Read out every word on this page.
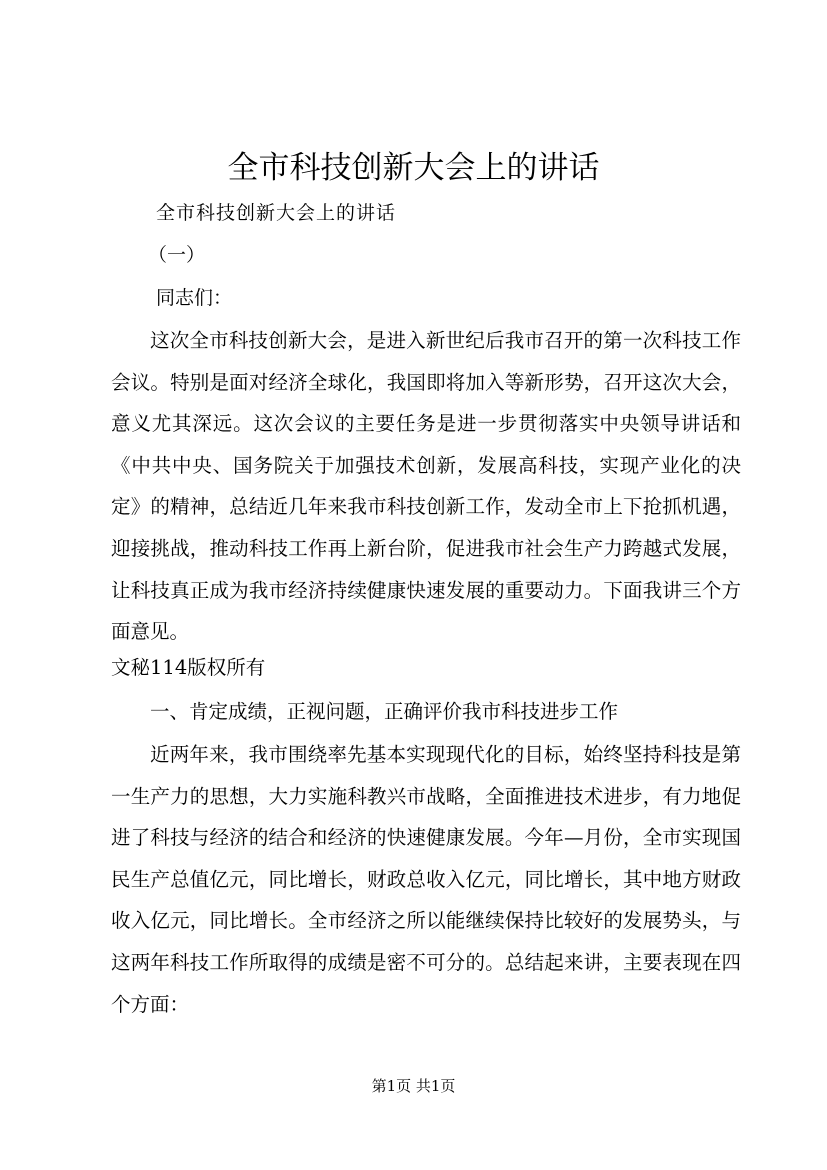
全市科技创新大会上的讲话
全市科技创新大会上的讲话
（一）
同志们：

这次全市科技创新大会，是进入新世纪后我市召开的第一次科技工作会议。特别是面对经济全球化，我国即将加入等新形势，召开这次大会，意义尤其深远。这次会议的主要任务是进一步贯彻落实中央领导讲话和《中共中央、国务院关于加强技术创新，发展高科技，实现产业化的决定》的精神，总结近几年来我市科技创新工作，发动全市上下抢抓机遇，迎接挑战，推动科技工作再上新台阶，促进我市社会生产力跨越式发展，让科技真正成为我市经济持续健康快速发展的重要动力。下面我讲三个方面意见。

文秘114版权所有
一、肯定成绩，正视问题，正确评价我市科技进步工作

近两年来，我市围绕率先基本实现现代化的目标，始终坚持科技是第一生产力的思想，大力实施科教兴市战略，全面推进技术进步，有力地促进了科技与经济的结合和经济的快速健康发展。今年—月份，全市实现国民生产总值亿元，同比增长，财政总收入亿元，同比增长，其中地方财政收入亿元，同比增长。全市经济之所以能继续保持比较好的发展势头，与这两年科技工作所取得的成绩是密不可分的。总结起来讲，主要表现在四个方面：

第1页 共1页
